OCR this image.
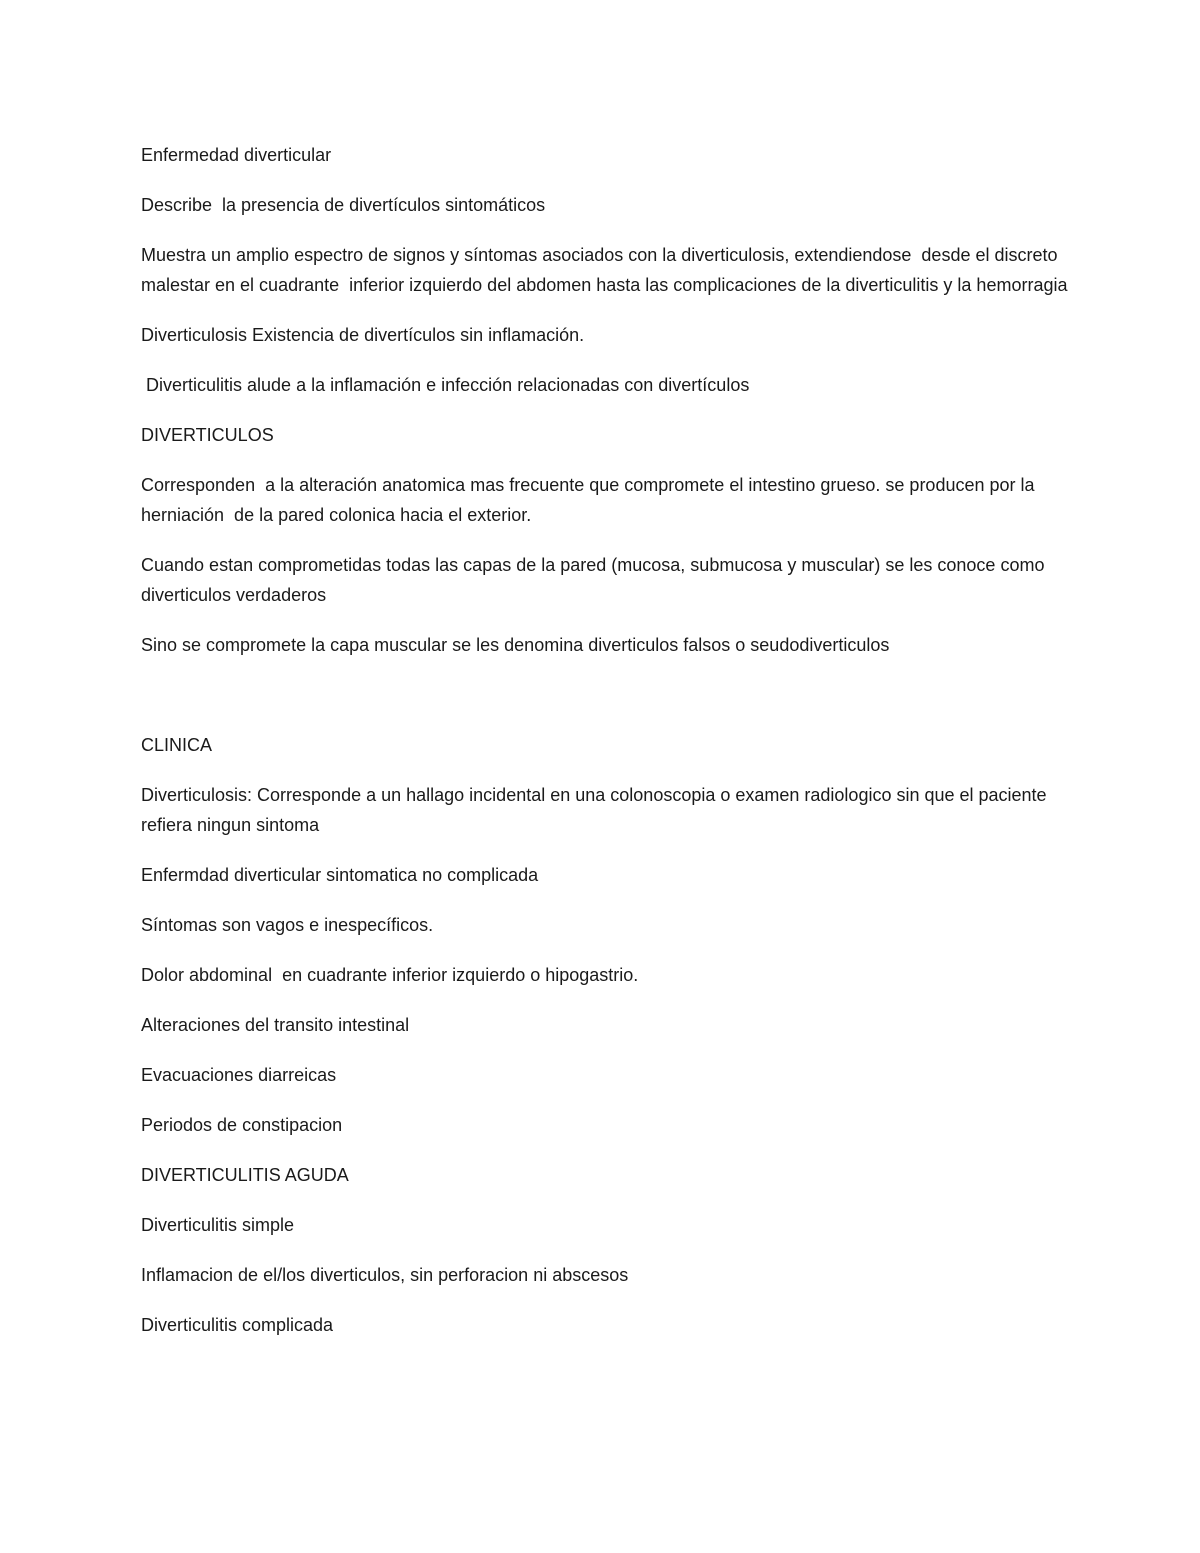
Enfermedad diverticular

Describe  la presencia de divertículos sintomáticos

Muestra un amplio espectro de signos y síntomas asociados con la diverticulosis, extendiendose  desde el discreto malestar en el cuadrante  inferior izquierdo del abdomen hasta las complicaciones de la diverticulitis y la hemorragia

Diverticulosis Existencia de divertículos sin inflamación.

Diverticulitis alude a la inflamación e infección relacionadas con divertículos

DIVERTICULOS

Corresponden  a la alteración anatomica mas frecuente que compromete el intestino grueso. se producen por la herniación  de la pared colonica hacia el exterior.

Cuando estan comprometidas todas las capas de la pared (mucosa, submucosa y muscular) se les conoce como diverticulos verdaderos

Sino se compromete la capa muscular se les denomina diverticulos falsos o seudodiverticulos

CLINICA

Diverticulosis: Corresponde a un hallago incidental en una colonoscopia o examen radiologico sin que el paciente refiera ningun sintoma

Enfermdad diverticular sintomatica no complicada

Síntomas son vagos e inespecíficos.

Dolor abdominal  en cuadrante inferior izquierdo o hipogastrio.

Alteraciones del transito intestinal

Evacuaciones diarreicas

Periodos de constipacion

DIVERTICULITIS AGUDA

Diverticulitis simple

Inflamacion de el/los diverticulos, sin perforacion ni abscesos

Diverticulitis complicada
